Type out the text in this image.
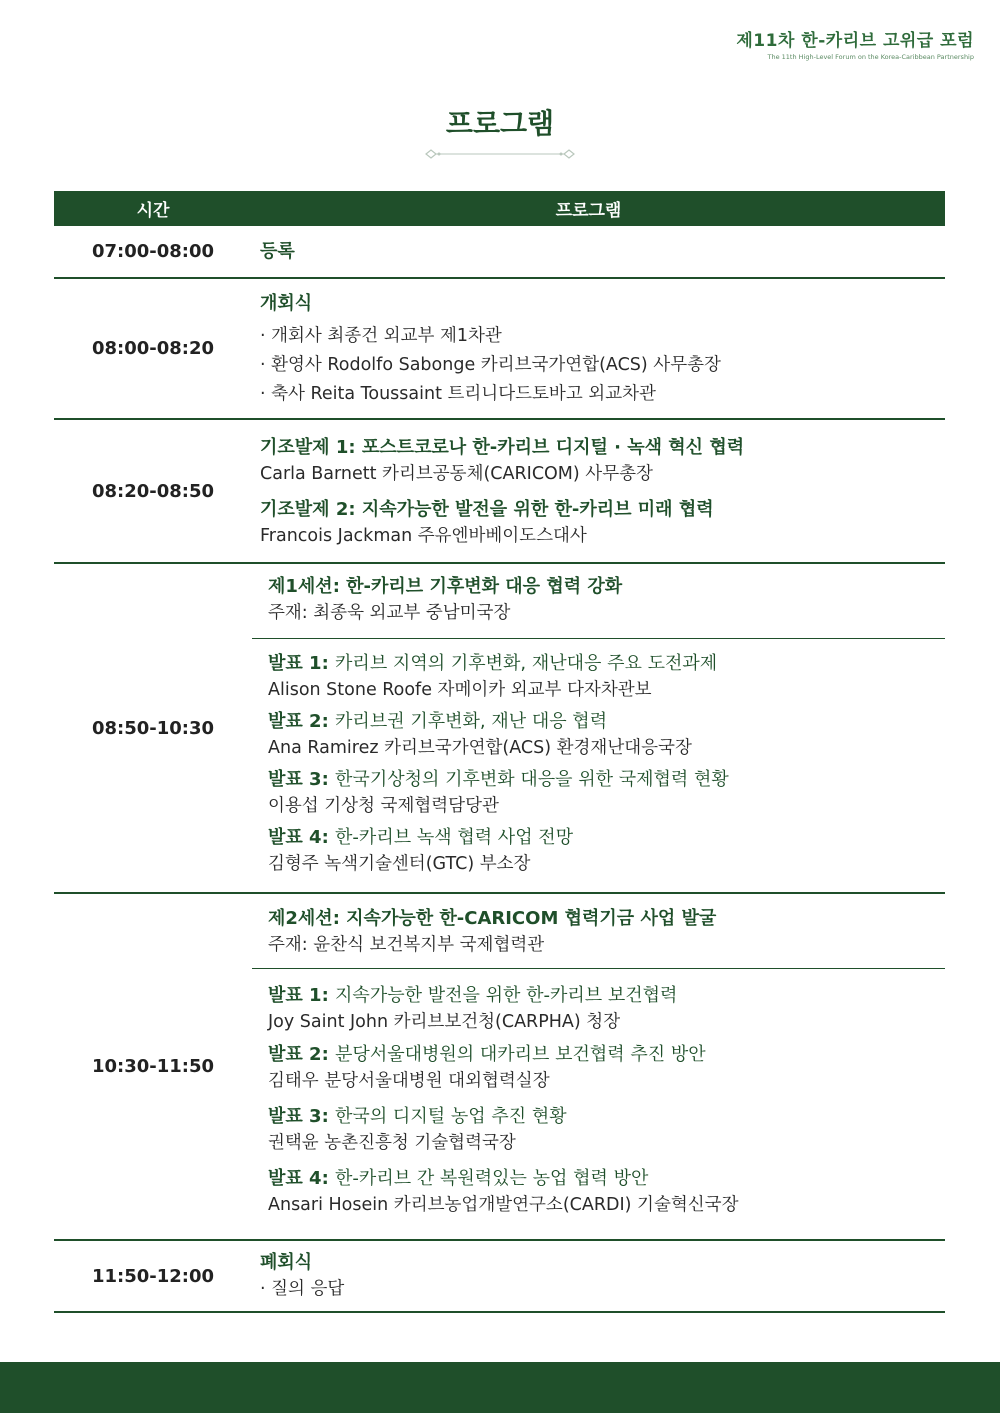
제11차 한-카리브 고위급 포럼
The 11th High-Level Forum on the Korea-Caribbean Partnership
프로그램
시간	프로그램
07:00-08:00	등록
08:00-08:20
개회식
· 개회사 최종건 외교부 제1차관
· 환영사 Rodolfo Sabonge 카리브국가연합(ACS) 사무총장
· 축사 Reita Toussaint 트리니다드토바고 외교차관
08:20-08:50
기조발제 1: 포스트코로나 한-카리브 디지털 · 녹색 혁신 협력
Carla Barnett 카리브공동체(CARICOM) 사무총장
기조발제 2: 지속가능한 발전을 위한 한-카리브 미래 협력
Francois Jackman 주유엔바베이도스대사
08:50-10:30
제1세션: 한-카리브 기후변화 대응 협력 강화
주재: 최종욱 외교부 중남미국장
발표 1: 카리브 지역의 기후변화, 재난대응 주요 도전과제
Alison Stone Roofe 자메이카 외교부 다자차관보
발표 2: 카리브권 기후변화, 재난 대응 협력
Ana Ramirez 카리브국가연합(ACS) 환경재난대응국장
발표 3: 한국기상청의 기후변화 대응을 위한 국제협력 현황
이용섭 기상청 국제협력담당관
발표 4: 한-카리브 녹색 협력 사업 전망
김형주 녹색기술센터(GTC) 부소장
10:30-11:50
제2세션: 지속가능한 한-CARICOM 협력기금 사업 발굴
주재: 윤찬식 보건복지부 국제협력관
발표 1: 지속가능한 발전을 위한 한-카리브 보건협력
Joy Saint John 카리브보건청(CARPHA) 청장
발표 2: 분당서울대병원의 대카리브 보건협력 추진 방안
김태우 분당서울대병원 대외협력실장
발표 3: 한국의 디지털 농업 추진 현황
권택윤 농촌진흥청 기술협력국장
발표 4: 한-카리브 간 복원력있는 농업 협력 방안
Ansari Hosein 카리브농업개발연구소(CARDI) 기술혁신국장
11:50-12:00
폐회식
· 질의 응답
